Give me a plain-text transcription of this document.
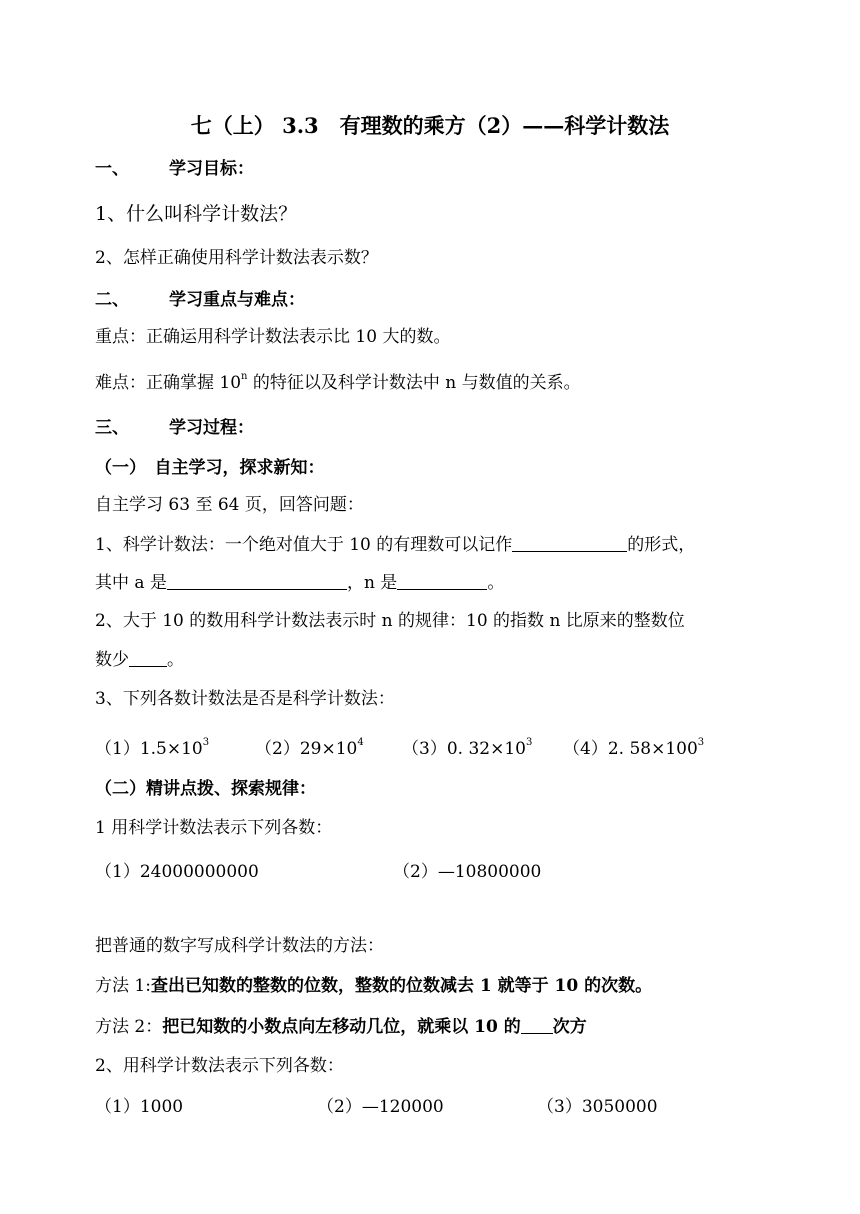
七（上） 3.3　有理数的乘方（2）——科学计数法
一、 学习目标：
1、什么叫科学计数法？
2、怎样正确使用科学计数法表示数？
二、 学习重点与难点：
重点：正确运用科学计数法表示比 10 大的数。
难点：正确掌握 10$^n$ 的特征以及科学计数法中 n 与数值的关系。
三、 学习过程：
（一）　自主学习，探求新知：
自主学习 63 至 64 页，回答问题：
1、科学计数法：一个绝对值大于 10 的有理数可以记作	的形式，
其中 a 是	，n 是	。
2、大于 10 的数用科学计数法表示时 n 的规律：10 的指数 n 比原来的整数位
数少 。
3、下列各数计数法是否是科学计数法：
$(1)1.5\times 10^3$	$(2)29\times 10^4$ （3）0. $32\times 10^3$ （4）2. $58\times 100^3$
（二）精讲点拨、探索规律：
1 用科学计数法表示下列各数：
（1）24000000000	（2）—10800000
把普通的数字写成科学计数法的方法：
方法 1:查出已知数的整数的位数，整数的位数减去 1 就等于 10 的次数。
方法 2：把已知数的小数点向左移动几位，就乘以 10 的 次方
2、用科学计数法表示下列各数：
（1）1000	（2）—120000	（3）3050000
